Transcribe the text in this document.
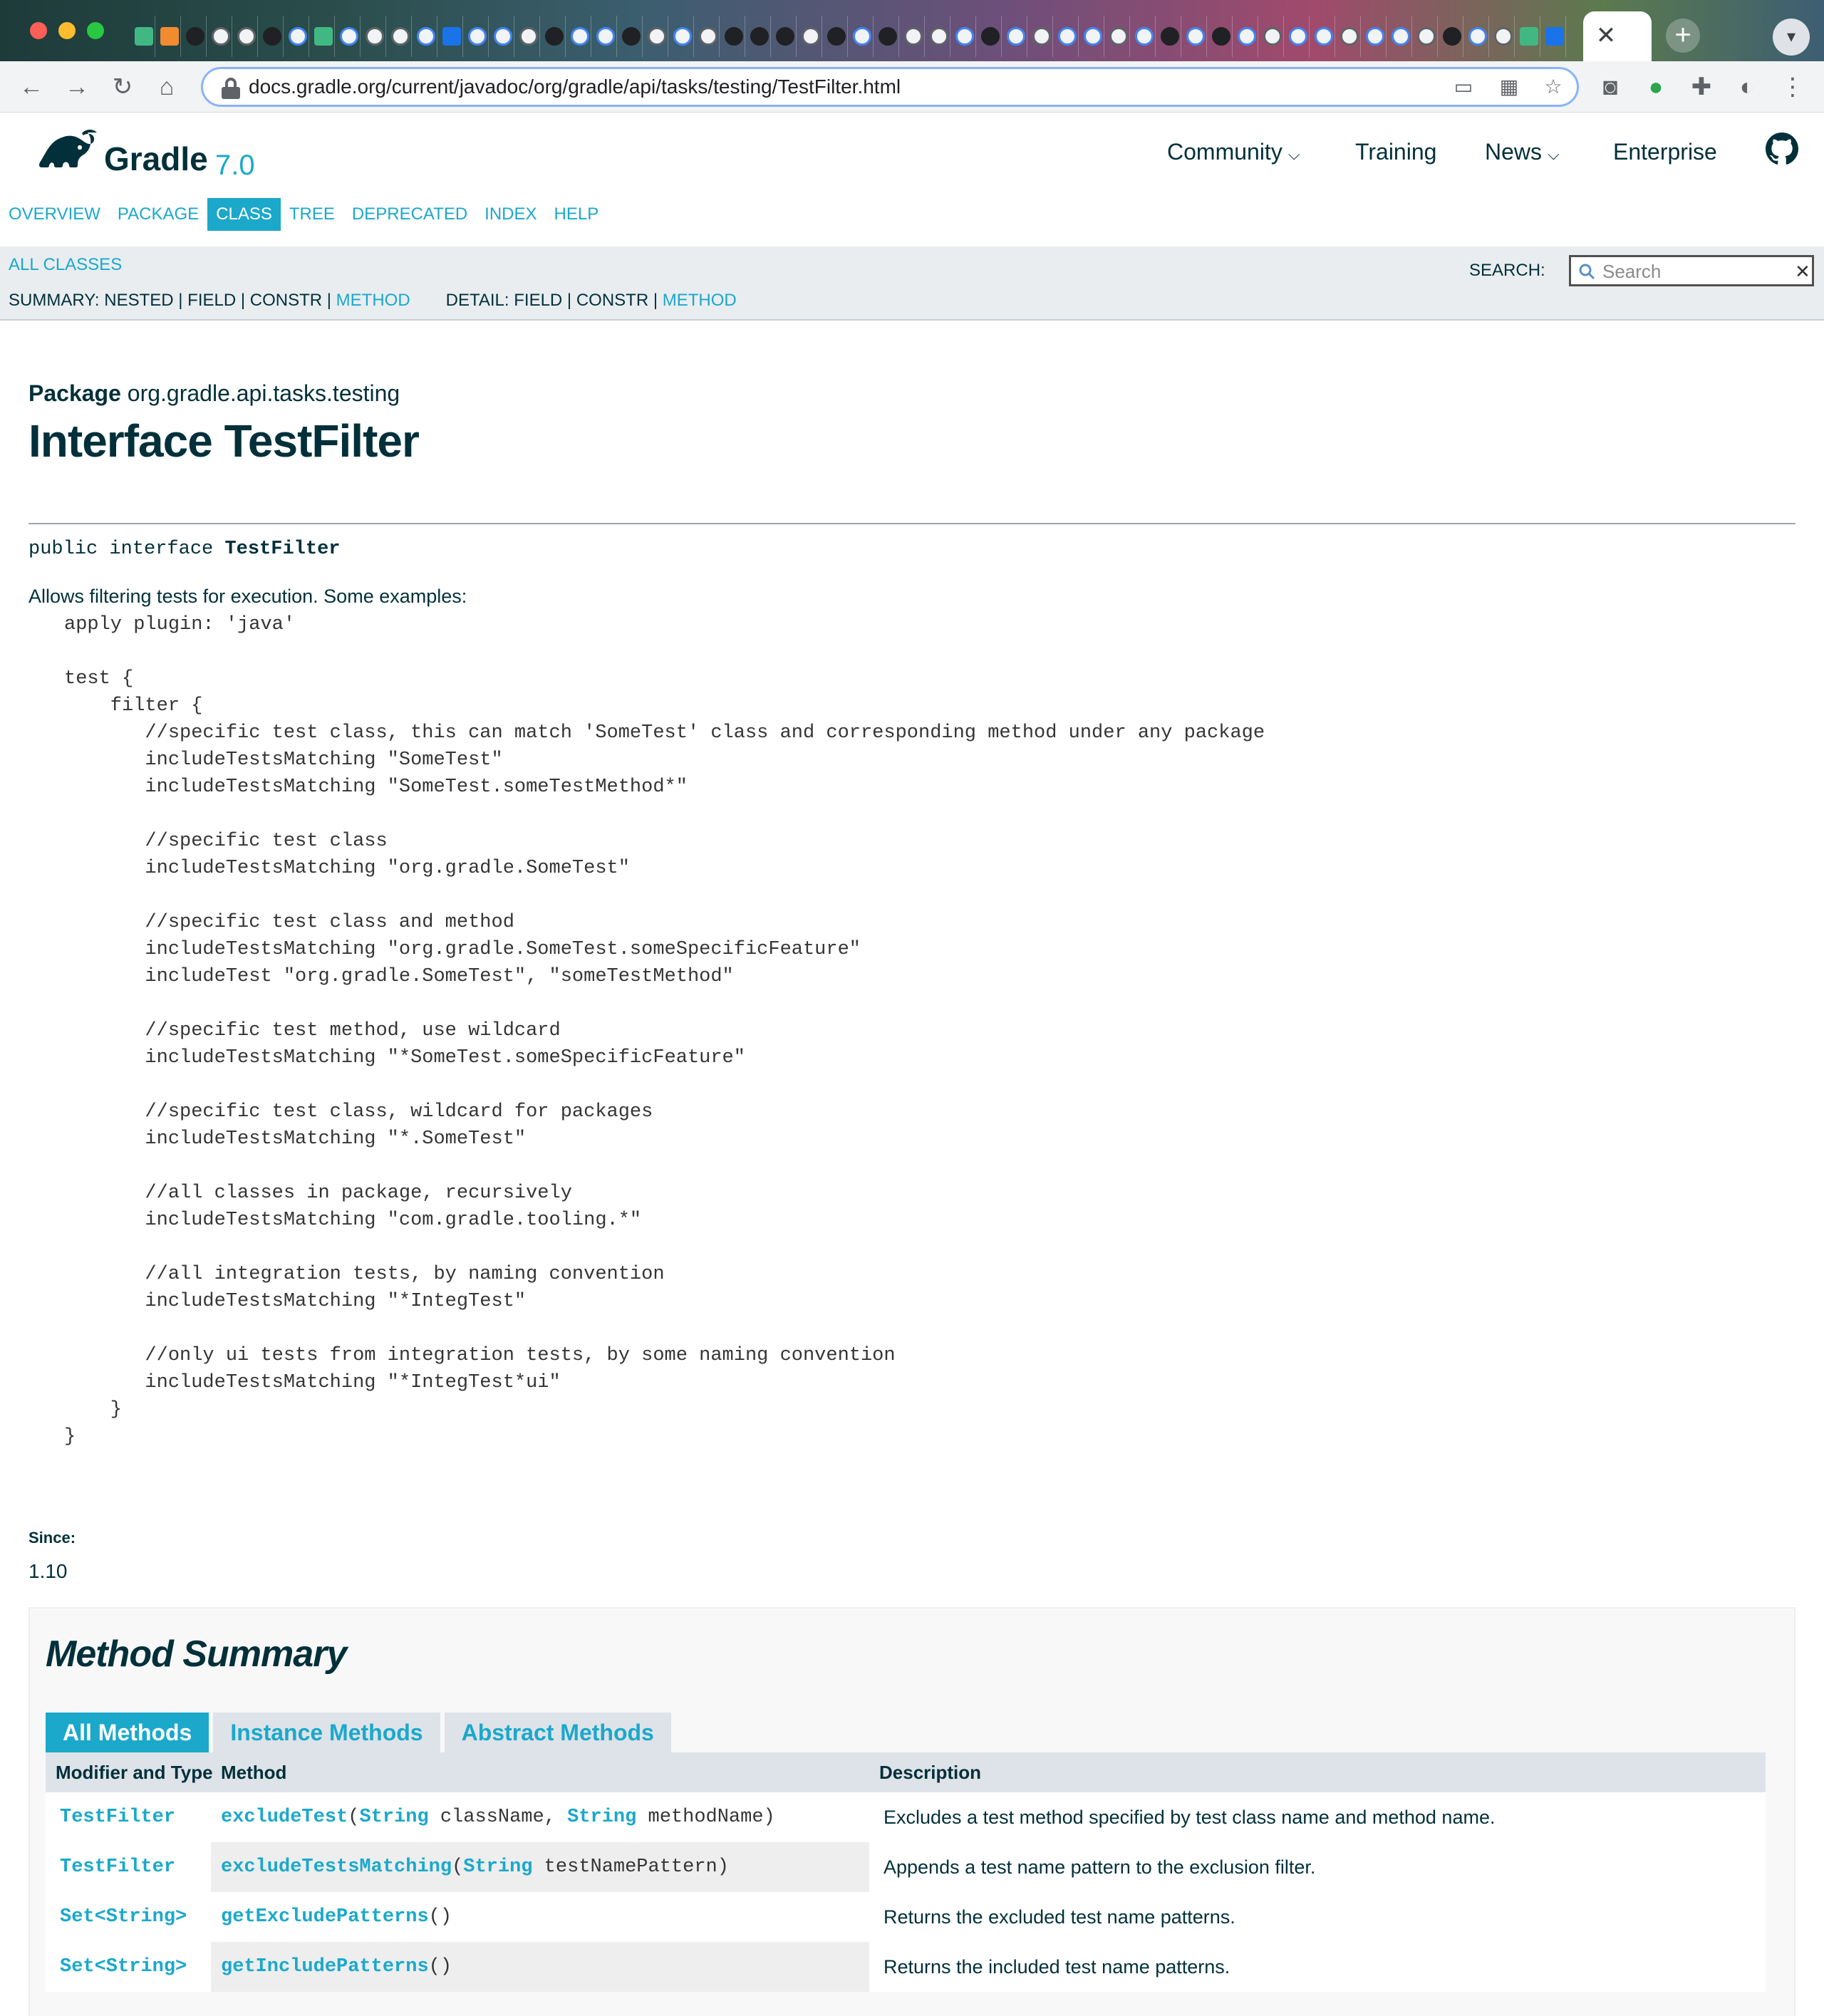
✕	+	▾
← → ↻	⌂	docs.gradle.org/current/javadoc/org/gradle/api/tasks/testing/TestFilter.html	▭ ▦	☆	◙	●	✚	◐	⋮
Gradle 7.0	Community ⌵ Training News ⌵ Enterprise
OVERVIEW	PACKAGE	CLASS	TREE	DEPRECATED	INDEX	HELP
ALL CLASSES
SUMMARY: NESTED | FIELD | CONSTR | METHOD DETAIL: FIELD | CONSTR | METHOD
SEARCH:
Search	✕
Package org.gradle.api.tasks.testing
Interface TestFilter
public interface TestFilter
Allows filtering tests for execution. Some examples:
apply plugin: 'java'

test {
filter {
//specific test class, this can match 'SomeTest' class and corresponding method under any package
includeTestsMatching "SomeTest"
includeTestsMatching "SomeTest.someTestMethod*"

//specific test class
includeTestsMatching "org.gradle.SomeTest"

//specific test class and method
includeTestsMatching "org.gradle.SomeTest.someSpecificFeature"
includeTest "org.gradle.SomeTest", "someTestMethod"

//specific test method, use wildcard
includeTestsMatching "*SomeTest.someSpecificFeature"

//specific test class, wildcard for packages
includeTestsMatching "*.SomeTest"

//all classes in package, recursively
includeTestsMatching "com.gradle.tooling.*"

//all integration tests, by naming convention
includeTestsMatching "*IntegTest"

//only ui tests from integration tests, by some naming convention
includeTestsMatching "*IntegTest*ui"
}
}
Since:
1.10
Method Summary
All Methods	Instance Methods	Abstract Methods
Modifier and Type Method	Description
TestFilter	excludeTest(String className, String methodName)	Excludes a test method specified by test class name and method name.
TestFilter	excludeTestsMatching(String testNamePattern)	Appends a test name pattern to the exclusion filter.
Set<String>	getExcludePatterns()	Returns the excluded test name patterns.
Set<String>	getIncludePatterns()	Returns the included test name patterns.
